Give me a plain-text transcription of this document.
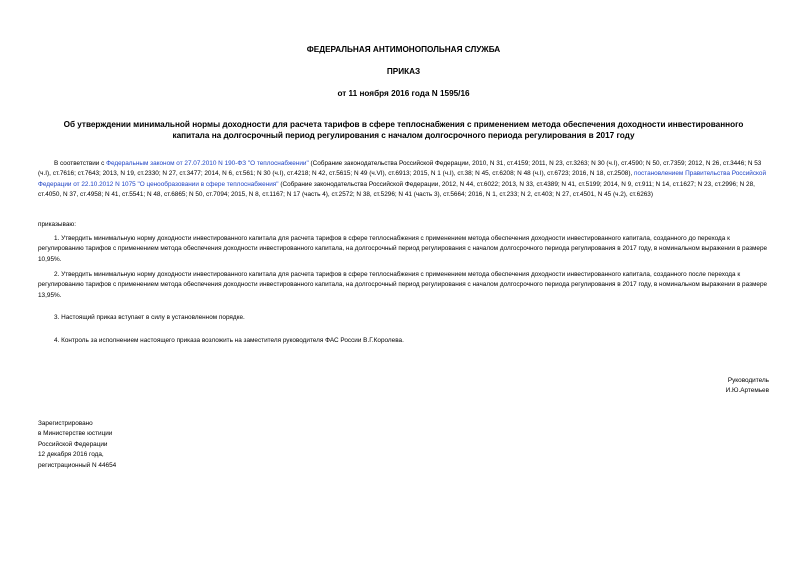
ФЕДЕРАЛЬНАЯ АНТИМОНОПОЛЬНАЯ СЛУЖБА
ПРИКАЗ
от 11 ноября 2016 года N 1595/16
Об утверждении минимальной нормы доходности для расчета тарифов в сфере теплоснабжения с применением метода обеспечения доходности инвестированного капитала на долгосрочный период регулирования с началом долгосрочного периода регулирования в 2017 году
В соответствии с Федеральным законом от 27.07.2010 N 190-ФЗ "О теплоснабжении" (Собрание законодательства Российской Федерации, 2010, N 31, ст.4159; 2011, N 23, ст.3263; N 30 (ч.I), ст.4590; N 50, ст.7359; 2012, N 26, ст.3446; N 53 (ч.I), ст.7616; ст.7643; 2013, N 19, ст.2330; N 27, ст.3477; 2014, N 6, ст.561; N 30 (ч.I), ст.4218; N 42, ст.5615; N 49 (ч.VI), ст.6913; 2015, N 1 (ч.I), ст.38; N 45, ст.6208; N 48 (ч.I), ст.6723; 2016, N 18, ст.2508), постановлением Правительства Российской Федерации от 22.10.2012 N 1075 "О ценообразовании в сфере теплоснабжения" (Собрание законодательства Российской Федерации, 2012, N 44, ст.6022; 2013, N 33, ст.4389; N 41, ст.5199; 2014, N 9, ст.911; N 14, ст.1627; N 23, ст.2996; N 28, ст.4050, N 37, ст.4958; N 41, ст.5541; N 48, ст.6865; N 50, ст.7094; 2015, N 8, ст.1167; N 17 (часть 4), ст.2572; N 38, ст.5296; N 41 (часть 3), ст.5664; 2016, N 1, ст.233; N 2, ст.403; N 27, ст.4501, N 45 (ч.2), ст.6263)
приказываю:
1. Утвердить минимальную норму доходности инвестированного капитала для расчета тарифов в сфере теплоснабжения с применением метода обеспечения доходности инвестированного капитала, созданного до перехода к регулированию тарифов с применением метода обеспечения доходности инвестированного капитала, на долгосрочный период регулирования с началом долгосрочного периода регулирования в 2017 году, в номинальном выражении в размере 10,95%.
2. Утвердить минимальную норму доходности инвестированного капитала для расчета тарифов в сфере теплоснабжения с применением метода обеспечения доходности инвестированного капитала, созданного после перехода к регулированию тарифов с применением метода обеспечения доходности инвестированного капитала, на долгосрочный период регулирования с началом долгосрочного периода регулирования в 2017 году, в номинальном выражении в размере 13,95%.
3. Настоящий приказ вступает в силу в установленном порядке.
4. Контроль за исполнением настоящего приказа возложить на заместителя руководителя ФАС России В.Г.Королева.
Руководитель
И.Ю.Артемьев
Зарегистрировано
в Министерстве юстиции
Российской Федерации
12 декабря 2016 года,
регистрационный N 44654
